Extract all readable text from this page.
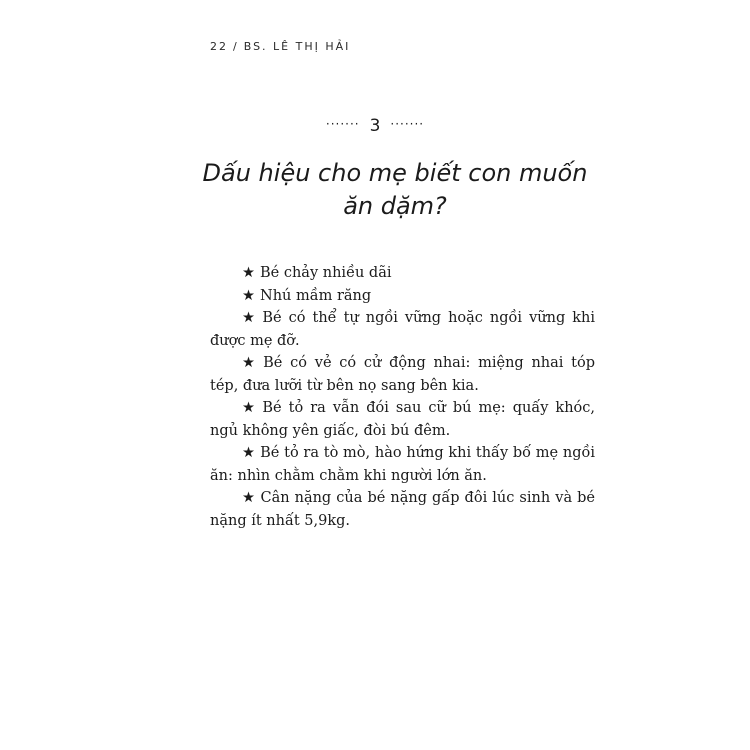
22 / BS. LÊ THỊ HẢI
······· 3 ·······
Dấu hiệu cho mẹ biết con muốn
ăn dặm?

★ Bé chảy nhiều dãi

★ Nhú mầm răng

★ Bé có thể tự ngồi vững hoặc ngồi vững khi được mẹ đỡ.

★ Bé có vẻ có cử động nhai: miệng nhai tóp tép, đưa lưỡi từ bên nọ sang bên kia.

★ Bé tỏ ra vẫn đói sau cữ bú mẹ: quấy khóc, ngủ không yên giấc, đòi bú đêm.

★ Bé tỏ ra tò mò, hào hứng khi thấy bố mẹ ngồi ăn: nhìn chằm chằm khi người lớn ăn.

★ Cân nặng của bé nặng gấp đôi lúc sinh và bé nặng ít nhất 5,9kg.
